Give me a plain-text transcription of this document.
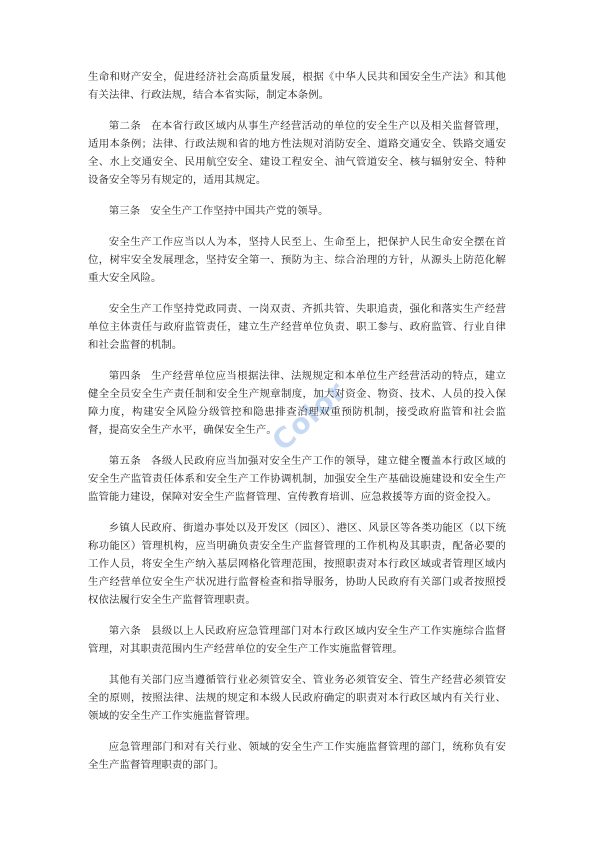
生命和财产安全，促进经济社会高质量发展，根据《中华人民共和国安全生产法》和其他有关法律、行政法规，结合本省实际，制定本条例。

第二条 在本省行政区域内从事生产经营活动的单位的安全生产以及相关监督管理，适用本条例；法律、行政法规和省的地方性法规对消防安全、道路交通安全、铁路交通安全、水上交通安全、民用航空安全、建设工程安全、油气管道安全、核与辐射安全、特种设备安全等另有规定的，适用其规定。

第三条 安全生产工作坚持中国共产党的领导。

安全生产工作应当以人为本，坚持人民至上、生命至上，把保护人民生命安全摆在首位，树牢安全发展理念，坚持安全第一、预防为主、综合治理的方针，从源头上防范化解重大安全风险。

安全生产工作坚持党政同责、一岗双责、齐抓共管、失职追责，强化和落实生产经营单位主体责任与政府监管责任，建立生产经营单位负责、职工参与、政府监管、行业自律和社会监督的机制。

第四条 生产经营单位应当根据法律、法规规定和本单位生产经营活动的特点，建立健全全员安全生产责任制和安全生产规章制度，加大对资金、物资、技术、人员的投入保障力度，构建安全风险分级管控和隐患排查治理双重预防机制，接受政府监管和社会监督，提高安全生产水平，确保安全生产。

第五条 各级人民政府应当加强对安全生产工作的领导，建立健全覆盖本行政区域的安全生产监管责任体系和安全生产工作协调机制，加强安全生产基础设施建设和安全生产监管能力建设，保障对安全生产监督管理、宣传教育培训、应急救援等方面的资金投入。

乡镇人民政府、街道办事处以及开发区（园区）、港区、风景区等各类功能区（以下统称功能区）管理机构，应当明确负责安全生产监督管理的工作机构及其职责，配备必要的工作人员，将安全生产纳入基层网格化管理范围，按照职责对本行政区域或者管理区域内生产经营单位安全生产状况进行监督检查和指导服务，协助人民政府有关部门或者按照授权依法履行安全生产监督管理职责。

第六条 县级以上人民政府应急管理部门对本行政区域内安全生产工作实施综合监督管理，对其职责范围内生产经营单位的安全生产工作实施监督管理。

其他有关部门应当遵循管行业必须管安全、管业务必须管安全、管生产经营必须管安全的原则，按照法律、法规的规定和本级人民政府确定的职责对本行政区域内有关行业、领域的安全生产工作实施监督管理。

应急管理部门和对有关行业、领域的安全生产工作实施监督管理的部门，统称负有安全生产监督管理职责的部门。

Color
